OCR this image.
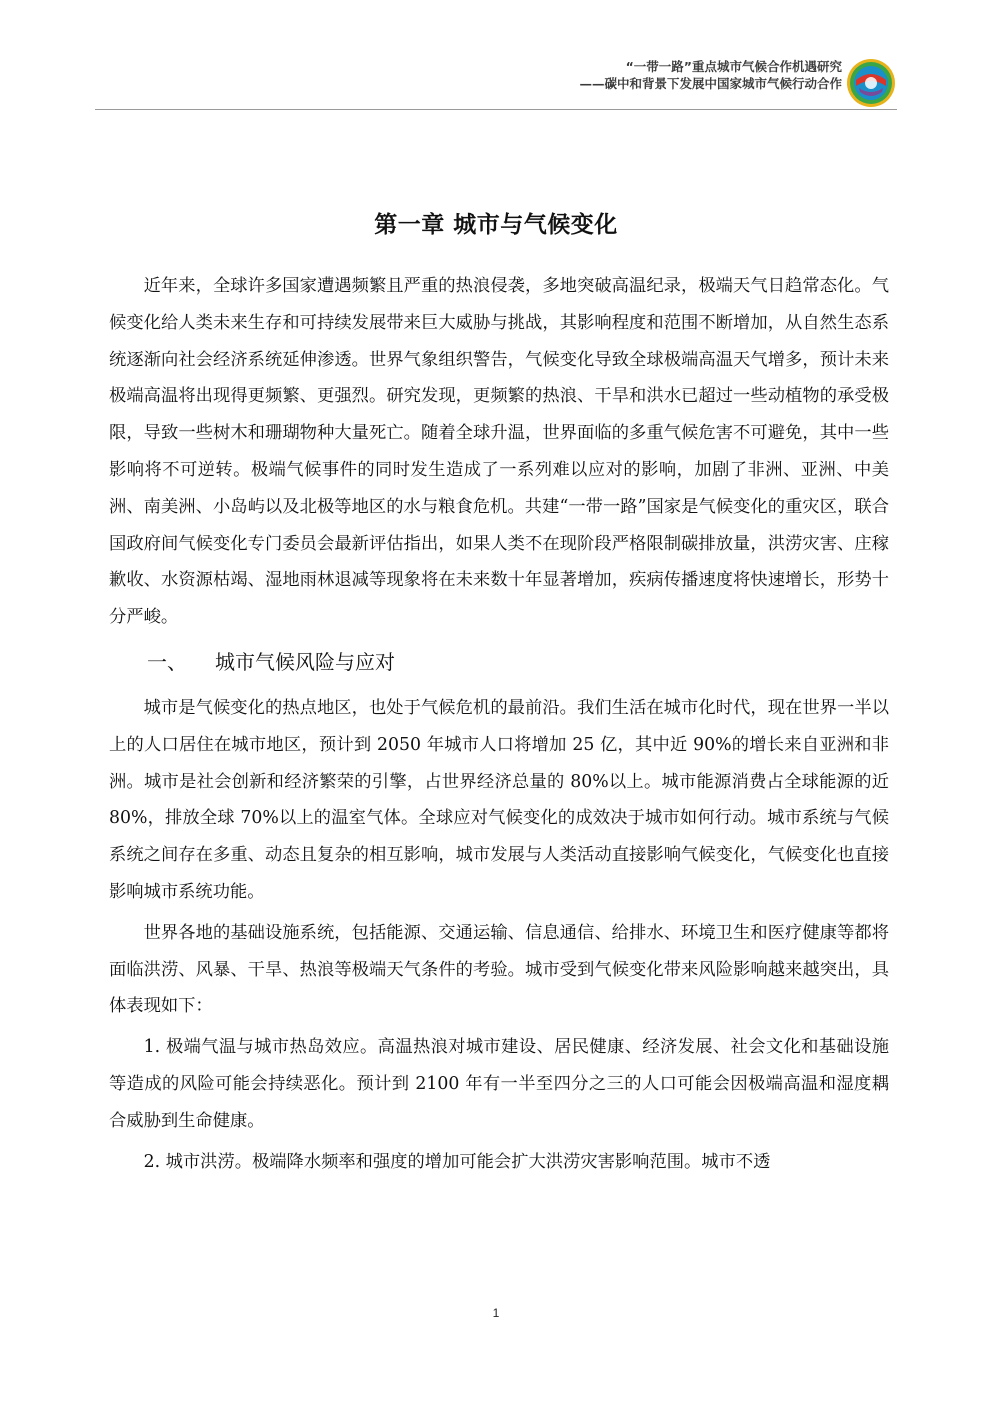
“一带一路”重点城市气候合作机遇研究
——碳中和背景下发展中国家城市气候行动合作
第一章 城市与气候变化

近年来，全球许多国家遭遇频繁且严重的热浪侵袭，多地突破高温纪录，极端天气日趋常态化。气候变化给人类未来生存和可持续发展带来巨大威胁与挑战，其影响程度和范围不断增加，从自然生态系统逐渐向社会经济系统延伸渗透。世界气象组织警告，气候变化导致全球极端高温天气增多，预计未来极端高温将出现得更频繁、更强烈。研究发现，更频繁的热浪、干旱和洪水已超过一些动植物的承受极限，导致一些树木和珊瑚物种大量死亡。随着全球升温，世界面临的多重气候危害不可避免，其中一些影响将不可逆转。极端气候事件的同时发生造成了一系列难以应对的影响，加剧了非洲、亚洲、中美洲、南美洲、小岛屿以及北极等地区的水与粮食危机。共建“一带一路”国家是气候变化的重灾区，联合国政府间气候变化专门委员会最新评估指出，如果人类不在现阶段严格限制碳排放量，洪涝灾害、庄稼歉收、水资源枯竭、湿地雨林退减等现象将在未来数十年显著增加，疾病传播速度将快速增长，形势十分严峻。

一、 城市气候风险与应对

城市是气候变化的热点地区，也处于气候危机的最前沿。我们生活在城市化时代，现在世界一半以上的人口居住在城市地区，预计到 2050 年城市人口将增加 25 亿，其中近 90%的增长来自亚洲和非洲。城市是社会创新和经济繁荣的引擎，占世界经济总量的 80%以上。城市能源消费占全球能源的近 80%，排放全球 70%以上的温室气体。全球应对气候变化的成效决于城市如何行动。城市系统与气候系统之间存在多重、动态且复杂的相互影响，城市发展与人类活动直接影响气候变化，气候变化也直接影响城市系统功能。

世界各地的基础设施系统，包括能源、交通运输、信息通信、给排水、环境卫生和医疗健康等都将面临洪涝、风暴、干旱、热浪等极端天气条件的考验。城市受到气候变化带来风险影响越来越突出，具体表现如下：

1. 极端气温与城市热岛效应。高温热浪对城市建设、居民健康、经济发展、社会文化和基础设施等造成的风险可能会持续恶化。预计到 2100 年有一半至四分之三的人口可能会因极端高温和湿度耦合威胁到生命健康。

2. 城市洪涝。极端降水频率和强度的增加可能会扩大洪涝灾害影响范围。城市不透

1
